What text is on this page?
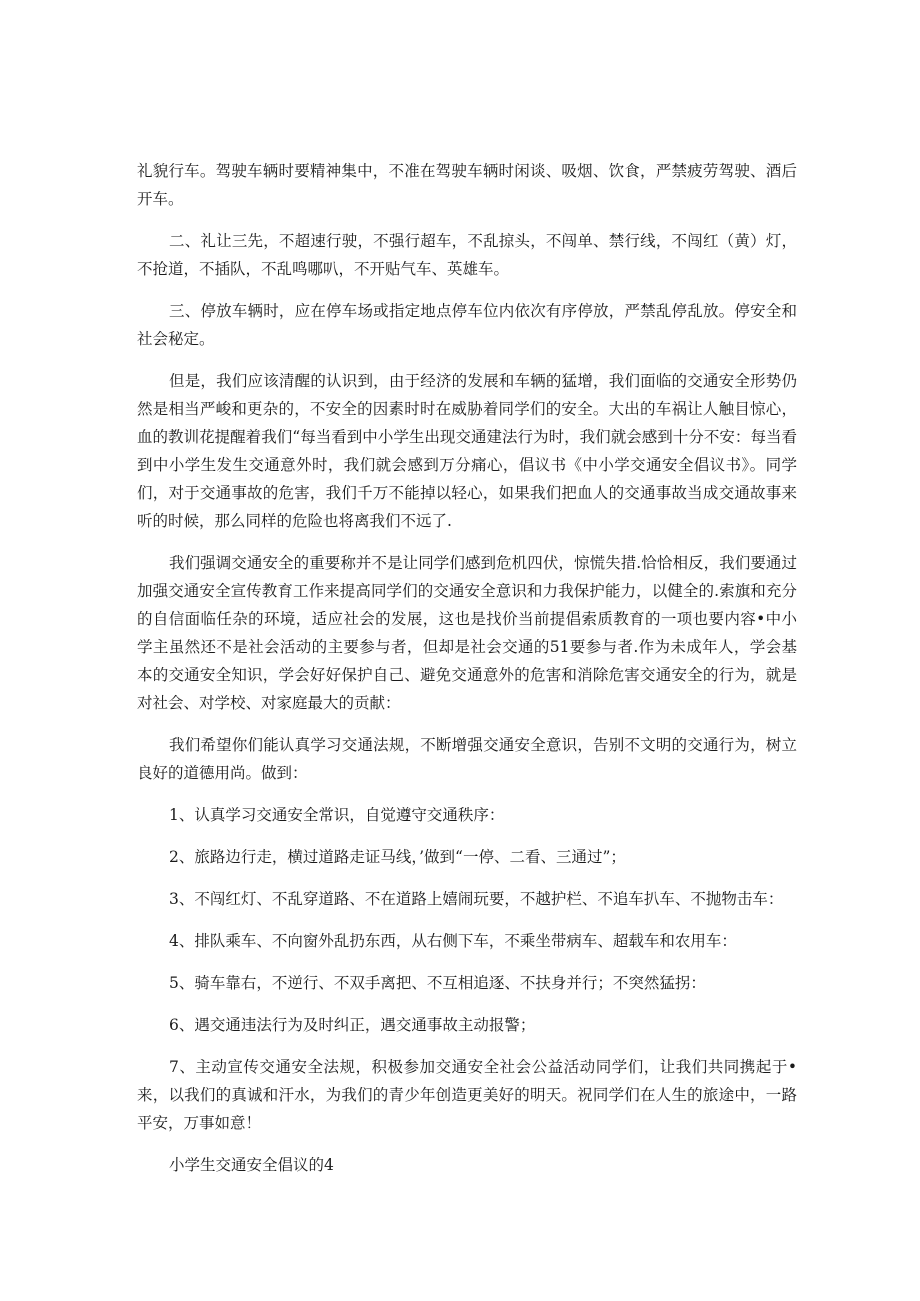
礼貌行车。驾驶车辆时要精神集中，不准在驾驶车辆时闲谈、吸烟、饮食，严禁疲劳驾驶、酒后开车。

二、礼让三先，不超速行驶，不强行超车，不乱掠头，不闯单、禁行线，不闯红（黄）灯，不抢道，不插队，不乱鸣哪叭，不开贴气车、英雄车。

三、停放车辆时，应在停车场或指定地点停车位内依次有序停放，严禁乱停乱放。停安全和社会秘定。

但是，我们应该清醒的认识到，由于经济的发展和车辆的猛增，我们面临的交通安全形势仍然是相当严峻和更杂的，不安全的因素时时在威胁着同学们的安全。大出的车祸让人触目惊心，血的教训花提醒着我们“每当看到中小学生出现交通建法行为时，我们就会感到十分不安：每当看到中小学生发生交通意外时，我们就会感到万分痛心，倡议书《中小学交通安全倡议书》。同学们，对于交通事故的危害，我们千万不能掉以轻心，如果我们把血人的交通事故当成交通故事来听的时候，那么同样的危险也将离我们不远了.

我们强调交通安全的重要称并不是让同学们感到危机四伏，惊慌失措.恰恰相反，我们要通过加强交通安全宣传教育工作来提高同学们的交通安全意识和力我保护能力，以健全的.索旗和充分的自信面临任杂的环境，适应社会的发展，这也是找价当前提倡索质教育的一项也要内容•中小学主虽然还不是社会活动的主要参与者，但却是社会交通的51要参与者.作为未成年人，学会基本的交通安全知识，学会好好保护自己、避免交通意外的危害和消除危害交通安全的行为，就是对社会、对学校、对家庭最大的贡献：

我们希望你们能认真学习交通法规，不断增强交通安全意识，告别不文明的交通行为，树立良好的道德用尚。做到：

1、认真学习交通安全常识，自觉遵守交通秩序：

2、旅路边行走，横过道路走证马线，’做到“一停、二看、三通过”；

3、不闯红灯、不乱穿道路、不在道路上嬉闹玩要，不越护栏、不追车扒车、不抛物击车：

4、排队乘车、不向窗外乱扔东西，从右侧下车，不乘坐带病车、超载车和农用车：

5、骑车靠右，不逆行、不双手离把、不互相追逐、不扶身并行；不突然猛拐：

6、遇交通违法行为及时纠正，遇交通事故主动报警；

7、主动宣传交通安全法规，积极参加交通安全社会公益活动同学们，让我们共同携起于•来，以我们的真诚和汗水，为我们的青少年创造更美好的明天。祝同学们在人生的旅途中，一路平安，万事如意！

小学生交通安全倡议的4
